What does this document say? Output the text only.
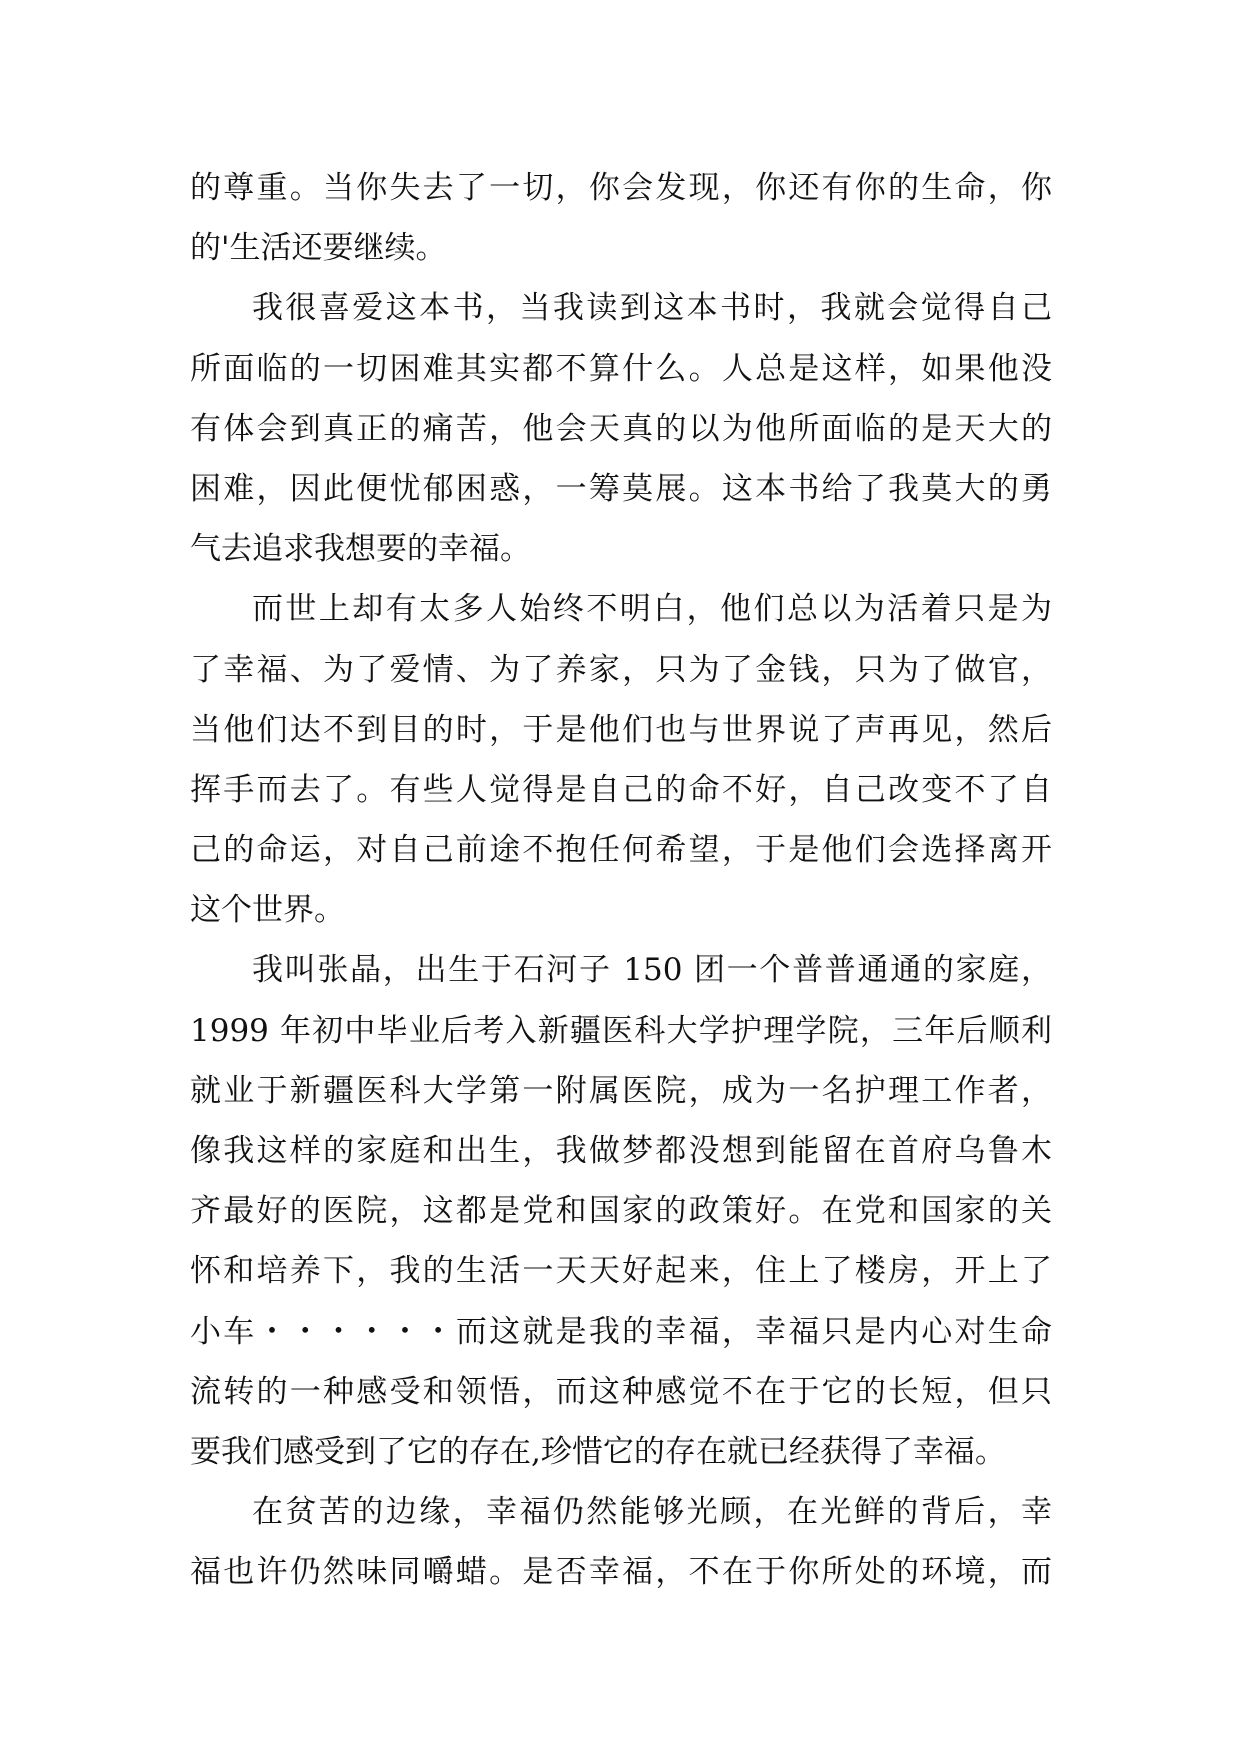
的尊重。当你失去了一切，你会发现，你还有你的生命，你
的'生活还要继续。
我很喜爱这本书，当我读到这本书时，我就会觉得自己
所面临的一切困难其实都不算什么。人总是这样，如果他没
有体会到真正的痛苦，他会天真的以为他所面临的是天大的
困难，因此便忧郁困惑，一筹莫展。这本书给了我莫大的勇
气去追求我想要的幸福。
而世上却有太多人始终不明白，他们总以为活着只是为
了幸福、为了爱情、为了养家，只为了金钱，只为了做官，
当他们达不到目的时，于是他们也与世界说了声再见，然后
挥手而去了。有些人觉得是自己的命不好，自己改变不了自
己的命运，对自己前途不抱任何希望，于是他们会选择离开
这个世界。
我叫张晶，出生于石河子 150 团一个普普通通的家庭，
1999 年初中毕业后考入新疆医科大学护理学院，三年后顺利
就业于新疆医科大学第一附属医院，成为一名护理工作者，
像我这样的家庭和出生，我做梦都没想到能留在首府乌鲁木
齐最好的医院，这都是党和国家的政策好。在党和国家的关
怀和培养下，我的生活一天天好起来，住上了楼房，开上了
小车・・・・・・而这就是我的幸福，幸福只是内心对生命
流转的一种感受和领悟，而这种感觉不在于它的长短，但只
要我们感受到了它的存在,珍惜它的存在就已经获得了幸福。
在贫苦的边缘，幸福仍然能够光顾，在光鲜的背后，幸
福也许仍然味同嚼蜡。是否幸福，不在于你所处的环境，而
